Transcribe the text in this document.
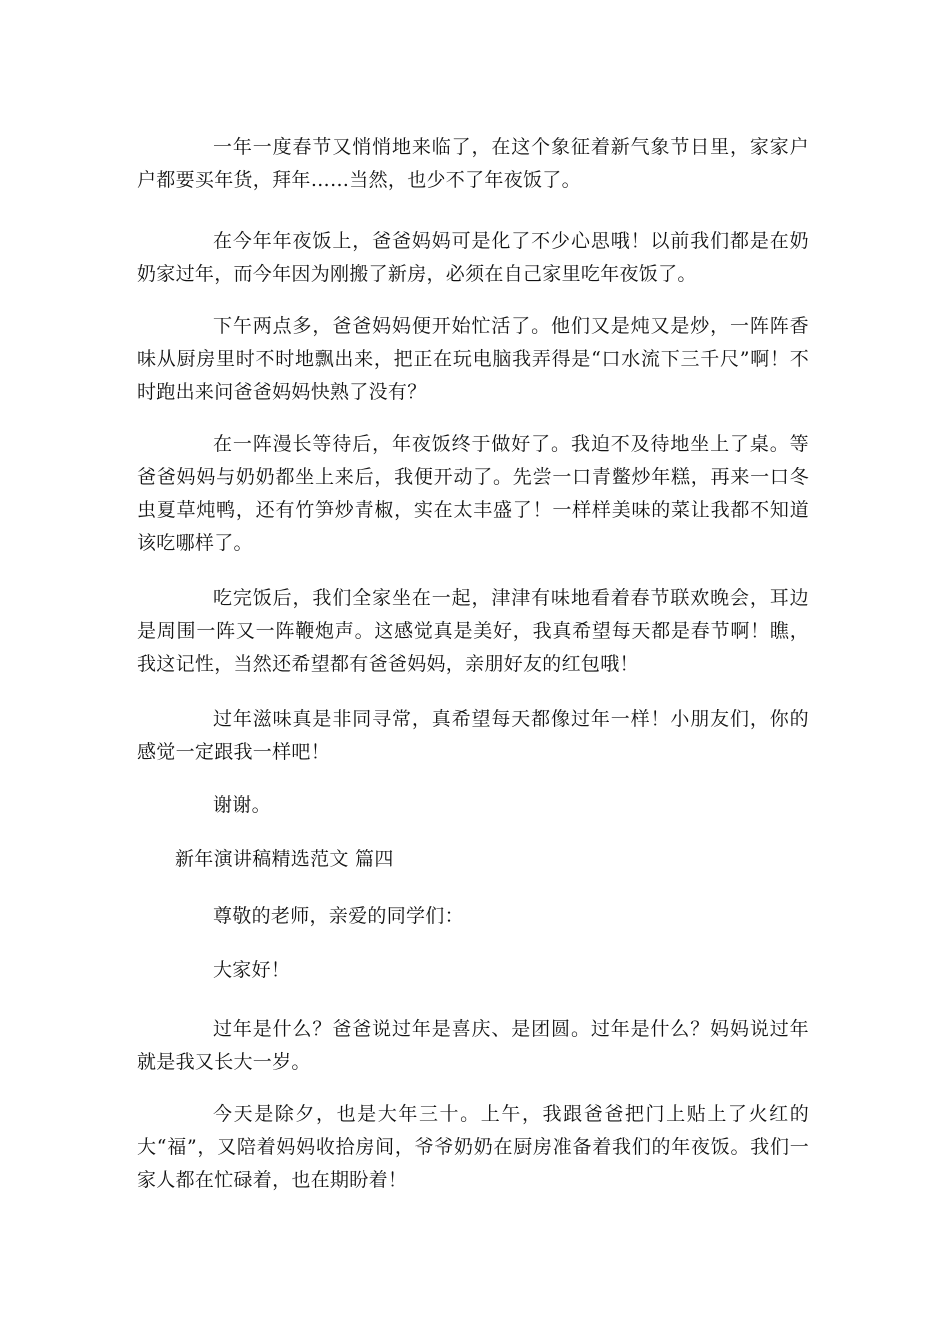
一年一度春节又悄悄地来临了，在这个象征着新气象节日里，家家户户都要买年货，拜年……当然，也少不了年夜饭了。

在今年年夜饭上，爸爸妈妈可是化了不少心思哦！以前我们都是在奶奶家过年，而今年因为刚搬了新房，必须在自己家里吃年夜饭了。

下午两点多，爸爸妈妈便开始忙活了。他们又是炖又是炒，一阵阵香味从厨房里时不时地飘出来，把正在玩电脑我弄得是“口水流下三千尺”啊！不时跑出来问爸爸妈妈快熟了没有？

在一阵漫长等待后，年夜饭终于做好了。我迫不及待地坐上了桌。等爸爸妈妈与奶奶都坐上来后，我便开动了。先尝一口青鳖炒年糕，再来一口冬虫夏草炖鸭，还有竹笋炒青椒，实在太丰盛了！一样样美味的菜让我都不知道该吃哪样了。

吃完饭后，我们全家坐在一起，津津有味地看着春节联欢晚会，耳边是周围一阵又一阵鞭炮声。这感觉真是美好，我真希望每天都是春节啊！瞧，我这记性，当然还希望都有爸爸妈妈，亲朋好友的红包哦！

过年滋味真是非同寻常，真希望每天都像过年一样！小朋友们，你的感觉一定跟我一样吧！

谢谢。

新年演讲稿精选范文 篇四

尊敬的老师，亲爱的同学们：

大家好！

过年是什么？爸爸说过年是喜庆、是团圆。过年是什么？妈妈说过年就是我又长大一岁。

今天是除夕，也是大年三十。上午，我跟爸爸把门上贴上了火红的大“福”，又陪着妈妈收拾房间，爷爷奶奶在厨房准备着我们的年夜饭。我们一家人都在忙碌着，也在期盼着！
